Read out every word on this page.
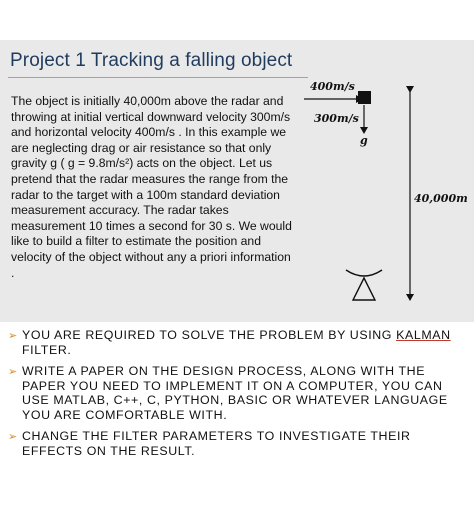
Project 1 Tracking a falling object
The object is initially 40,000m above the radar and throwing at initial vertical downward velocity 300m/s and horizontal velocity 400m/s . In this example we are neglecting drag or air resistance so that only gravity g ( g = 9.8m/s²) acts on the object. Let us pretend that the radar measures the range from the radar to the target with a 100m standard deviation measurement accuracy. The radar takes measurement 10 times a second for 30 s. We would like to build a filter to estimate the position and velocity of the object without any a priori information .
400m/s
300m/s
g
40,000m
➢ YOU ARE REQUIRED TO SOLVE THE PROBLEM BY USING KALMAN FILTER.
➢ WRITE A PAPER ON THE DESIGN PROCESS, ALONG WITH THE PAPER YOU NEED TO IMPLEMENT IT ON A COMPUTER, YOU CAN USE MATLAB, C++, C, PYTHON, BASIC OR WHATEVER LANGUAGE YOU ARE COMFORTABLE WITH.
➢ CHANGE THE FILTER PARAMETERS TO INVESTIGATE THEIR EFFECTS ON THE RESULT.
